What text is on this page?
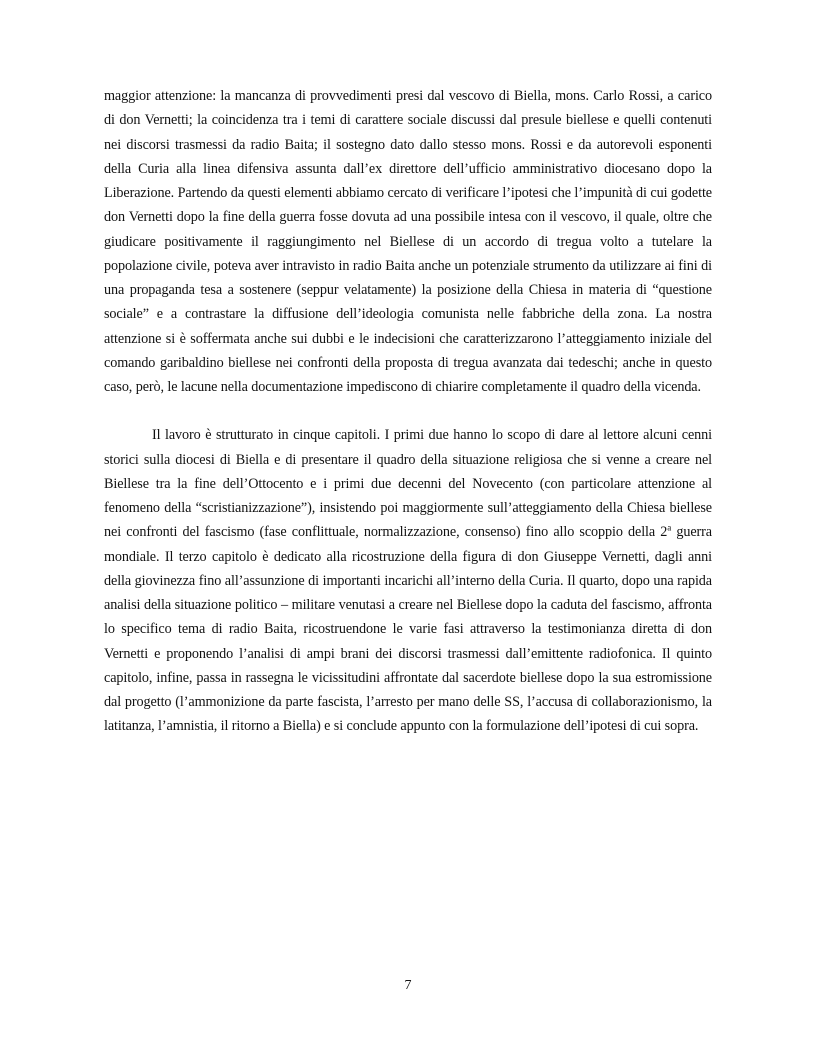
maggior attenzione: la mancanza di provvedimenti presi dal vescovo di Biella, mons. Carlo Rossi, a carico di don Vernetti; la coincidenza tra i temi di carattere sociale discussi dal presule biellese e quelli contenuti nei discorsi trasmessi da radio Baita; il sostegno dato dallo stesso mons. Rossi e da autorevoli esponenti della Curia alla linea difensiva assunta dall’ex direttore dell’ufficio amministrativo diocesano dopo la Liberazione. Partendo da questi elementi abbiamo cercato di verificare l’ipotesi che l’impunità di cui godette don Vernetti dopo la fine della guerra fosse dovuta ad una possibile intesa con il vescovo, il quale, oltre che giudicare positivamente il raggiungimento nel Biellese di un accordo di tregua volto a tutelare la popolazione civile, poteva aver intravisto in radio Baita anche un potenziale strumento da utilizzare ai fini di una propaganda tesa a sostenere (seppur velatamente) la posizione della Chiesa in materia di “questione sociale” e a contrastare la diffusione dell’ideologia comunista nelle fabbriche della zona. La nostra attenzione si è soffermata anche sui dubbi e le indecisioni che caratterizzarono l’atteggiamento iniziale del comando garibaldino biellese nei confronti della proposta di tregua avanzata dai tedeschi; anche in questo caso, però, le lacune nella documentazione impediscono di chiarire completamente il quadro della vicenda.

Il lavoro è strutturato in cinque capitoli. I primi due hanno lo scopo di dare al lettore alcuni cenni storici sulla diocesi di Biella e di presentare il quadro della situazione religiosa che si venne a creare nel Biellese tra la fine dell’Ottocento e i primi due decenni del Novecento (con particolare attenzione al fenomeno della “scristianizzazione”), insistendo poi maggiormente sull’atteggiamento della Chiesa biellese nei confronti del fascismo (fase conflittuale, normalizzazione, consenso) fino allo scoppio della 2$^a$ guerra mondiale. Il terzo capitolo è dedicato alla ricostruzione della figura di don Giuseppe Vernetti, dagli anni della giovinezza fino all’assunzione di importanti incarichi all’interno della Curia. Il quarto, dopo una rapida analisi della situazione politico – militare venutasi a creare nel Biellese dopo la caduta del fascismo, affronta lo specifico tema di radio Baita, ricostruendone le varie fasi attraverso la testimonianza diretta di don Vernetti e proponendo l’analisi di ampi brani dei discorsi trasmessi dall’emittente radiofonica. Il quinto capitolo, infine, passa in rassegna le vicissitudini affrontate dal sacerdote biellese dopo la sua estromissione dal progetto (l’ammonizione da parte fascista, l’arresto per mano delle SS, l’accusa di collaborazionismo, la latitanza, l’amnistia, il ritorno a Biella) e si conclude appunto con la formulazione dell’ipotesi di cui sopra.

7
